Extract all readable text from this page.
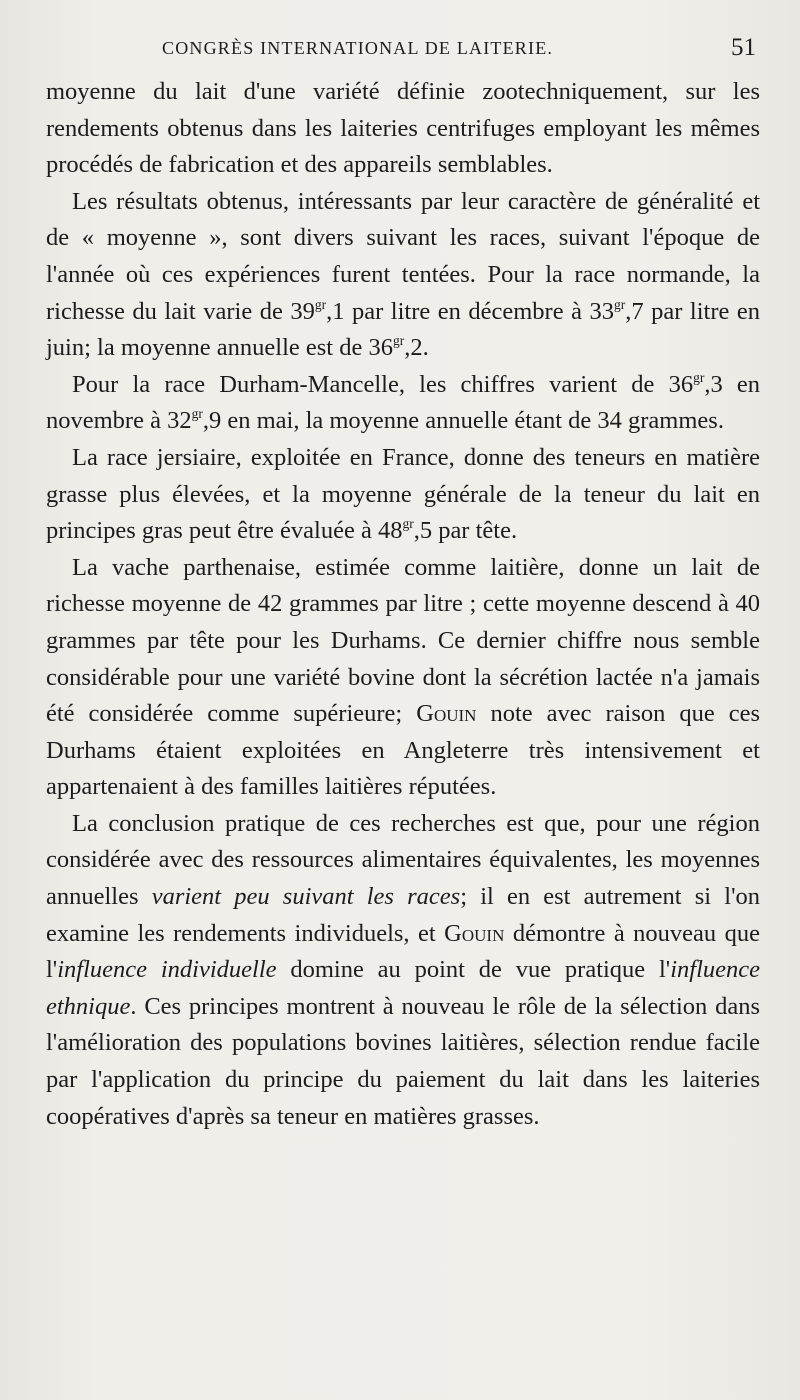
CONGRÈS INTERNATIONAL DE LAITERIE.	51

moyenne du lait d'une variété définie zootechniquement, sur les rendements obtenus dans les laiteries centrifuges employant les mêmes procédés de fabrication et des appareils semblables.

Les résultats obtenus, intéressants par leur caractère de généralité et de « moyenne », sont divers suivant les races, suivant l'époque de l'année où ces expériences furent tentées. Pour la race normande, la richesse du lait varie de $39^{gr},1$ par litre en décembre à $33^{gr},7$ par litre en juin; la moyenne annuelle est de $36^{gr},2$.

Pour la race Durham-Mancelle, les chiffres varient de $36^{gr},3$ en novembre à $32^{gr},9$ en mai, la moyenne annuelle étant de 34 grammes.

La race jersiaire, exploitée en France, donne des teneurs en matière grasse plus élevées, et la moyenne générale de la teneur du lait en principes gras peut être évaluée à $48^{gr},5$ par tête.

La vache parthenaise, estimée comme laitière, donne un lait de richesse moyenne de 42 grammes par litre ; cette moyenne descend à 40 grammes par tête pour les Durhams. Ce dernier chiffre nous semble considérable pour une variété bovine dont la sécrétion lactée n'a jamais été considérée comme supérieure; Gouin note avec raison que ces Durhams étaient exploitées en Angleterre très intensivement et appartenaient à des familles laitières réputées.

La conclusion pratique de ces recherches est que, pour une région considérée avec des ressources alimentaires équivalentes, les moyennes annuelles varient peu suivant les races; il en est autrement si l'on examine les rendements individuels, et Gouin démontre à nouveau que l'influence individuelle domine au point de vue pratique l'influence ethnique. Ces principes montrent à nouveau le rôle de la sélection dans l'amélioration des populations bovines laitières, sélection rendue facile par l'application du principe du paiement du lait dans les laiteries coopératives d'après sa teneur en matières grasses.
